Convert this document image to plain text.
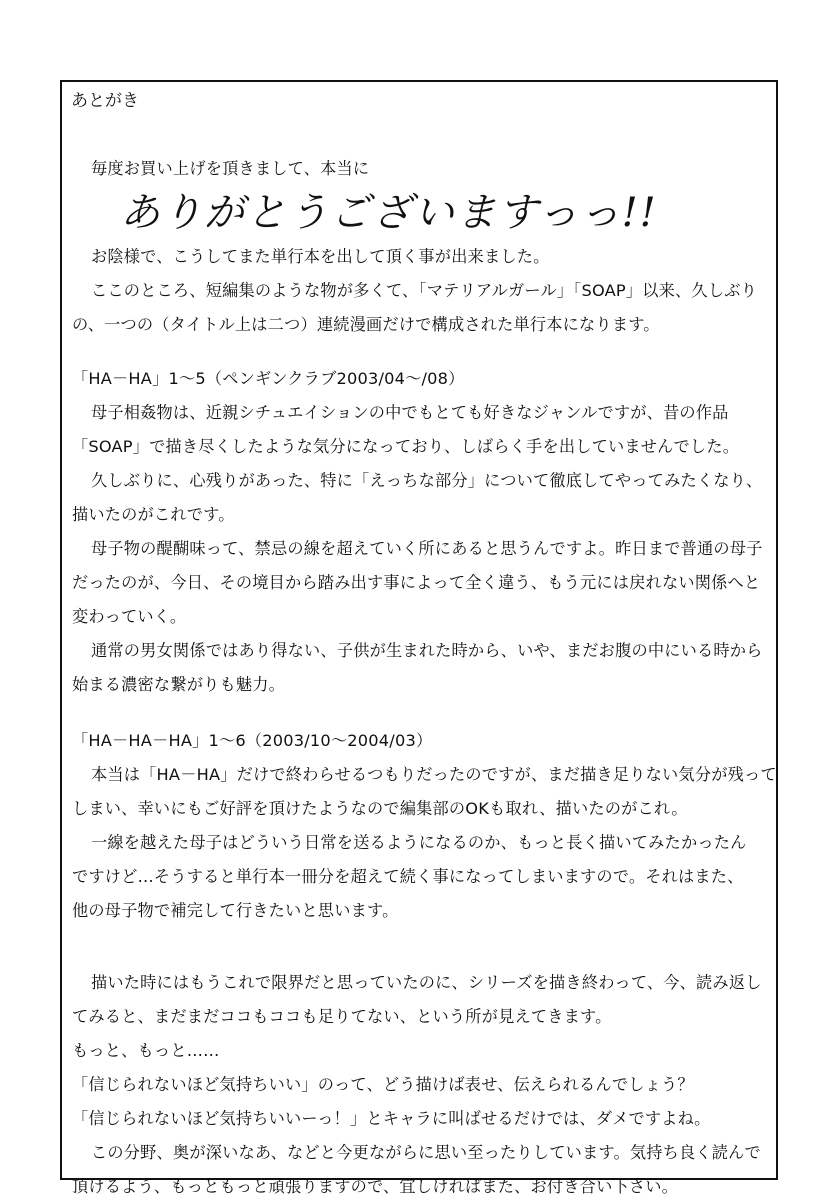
あとがき
毎度お買い上げを頂きまして、本当に
ありがとうございますっっ!!
お陰様で、こうしてまた単行本を出して頂く事が出来ました。
ここのところ、短編集のような物が多くて、「マテリアルガール」「SOAP」以来、久しぶり
の、一つの（タイトル上は二つ）連続漫画だけで構成された単行本になります。
「HA－HA」1～5（ペンギンクラブ2003/04～/08）
母子相姦物は、近親シチュエイションの中でもとても好きなジャンルですが、昔の作品
「SOAP」で描き尽くしたような気分になっており、しばらく手を出していませんでした。
久しぶりに、心残りがあった、特に「えっちな部分」について徹底してやってみたくなり、
描いたのがこれです。
母子物の醍醐味って、禁忌の線を超えていく所にあると思うんですよ。昨日まで普通の母子
だったのが、今日、その境目から踏み出す事によって全く違う、もう元には戻れない関係へと
変わっていく。
通常の男女関係ではあり得ない、子供が生まれた時から、いや、まだお腹の中にいる時から
始まる濃密な繋がりも魅力。
「HA－HA－HA」1～6（2003/10～2004/03）
本当は「HA－HA」だけで終わらせるつもりだったのですが、まだ描き足りない気分が残って
しまい、幸いにもご好評を頂けたようなので編集部のOKも取れ、描いたのがこれ。
一線を越えた母子はどういう日常を送るようになるのか、もっと長く描いてみたかったん
ですけど…そうすると単行本一冊分を超えて続く事になってしまいますので。それはまた、
他の母子物で補完して行きたいと思います。
描いた時にはもうこれで限界だと思っていたのに、シリーズを描き終わって、今、読み返し
てみると、まだまだココもココも足りてない、という所が見えてきます。
もっと、もっと……
「信じられないほど気持ちいい」のって、どう描けば表せ、伝えられるんでしょう？
「信じられないほど気持ちいいーっ！」とキャラに叫ばせるだけでは、ダメですよね。
この分野、奥が深いなあ、などと今更ながらに思い至ったりしています。気持ち良く読んで
頂けるよう、もっともっと頑張りますので、宜しければまた、お付き合い下さい。
